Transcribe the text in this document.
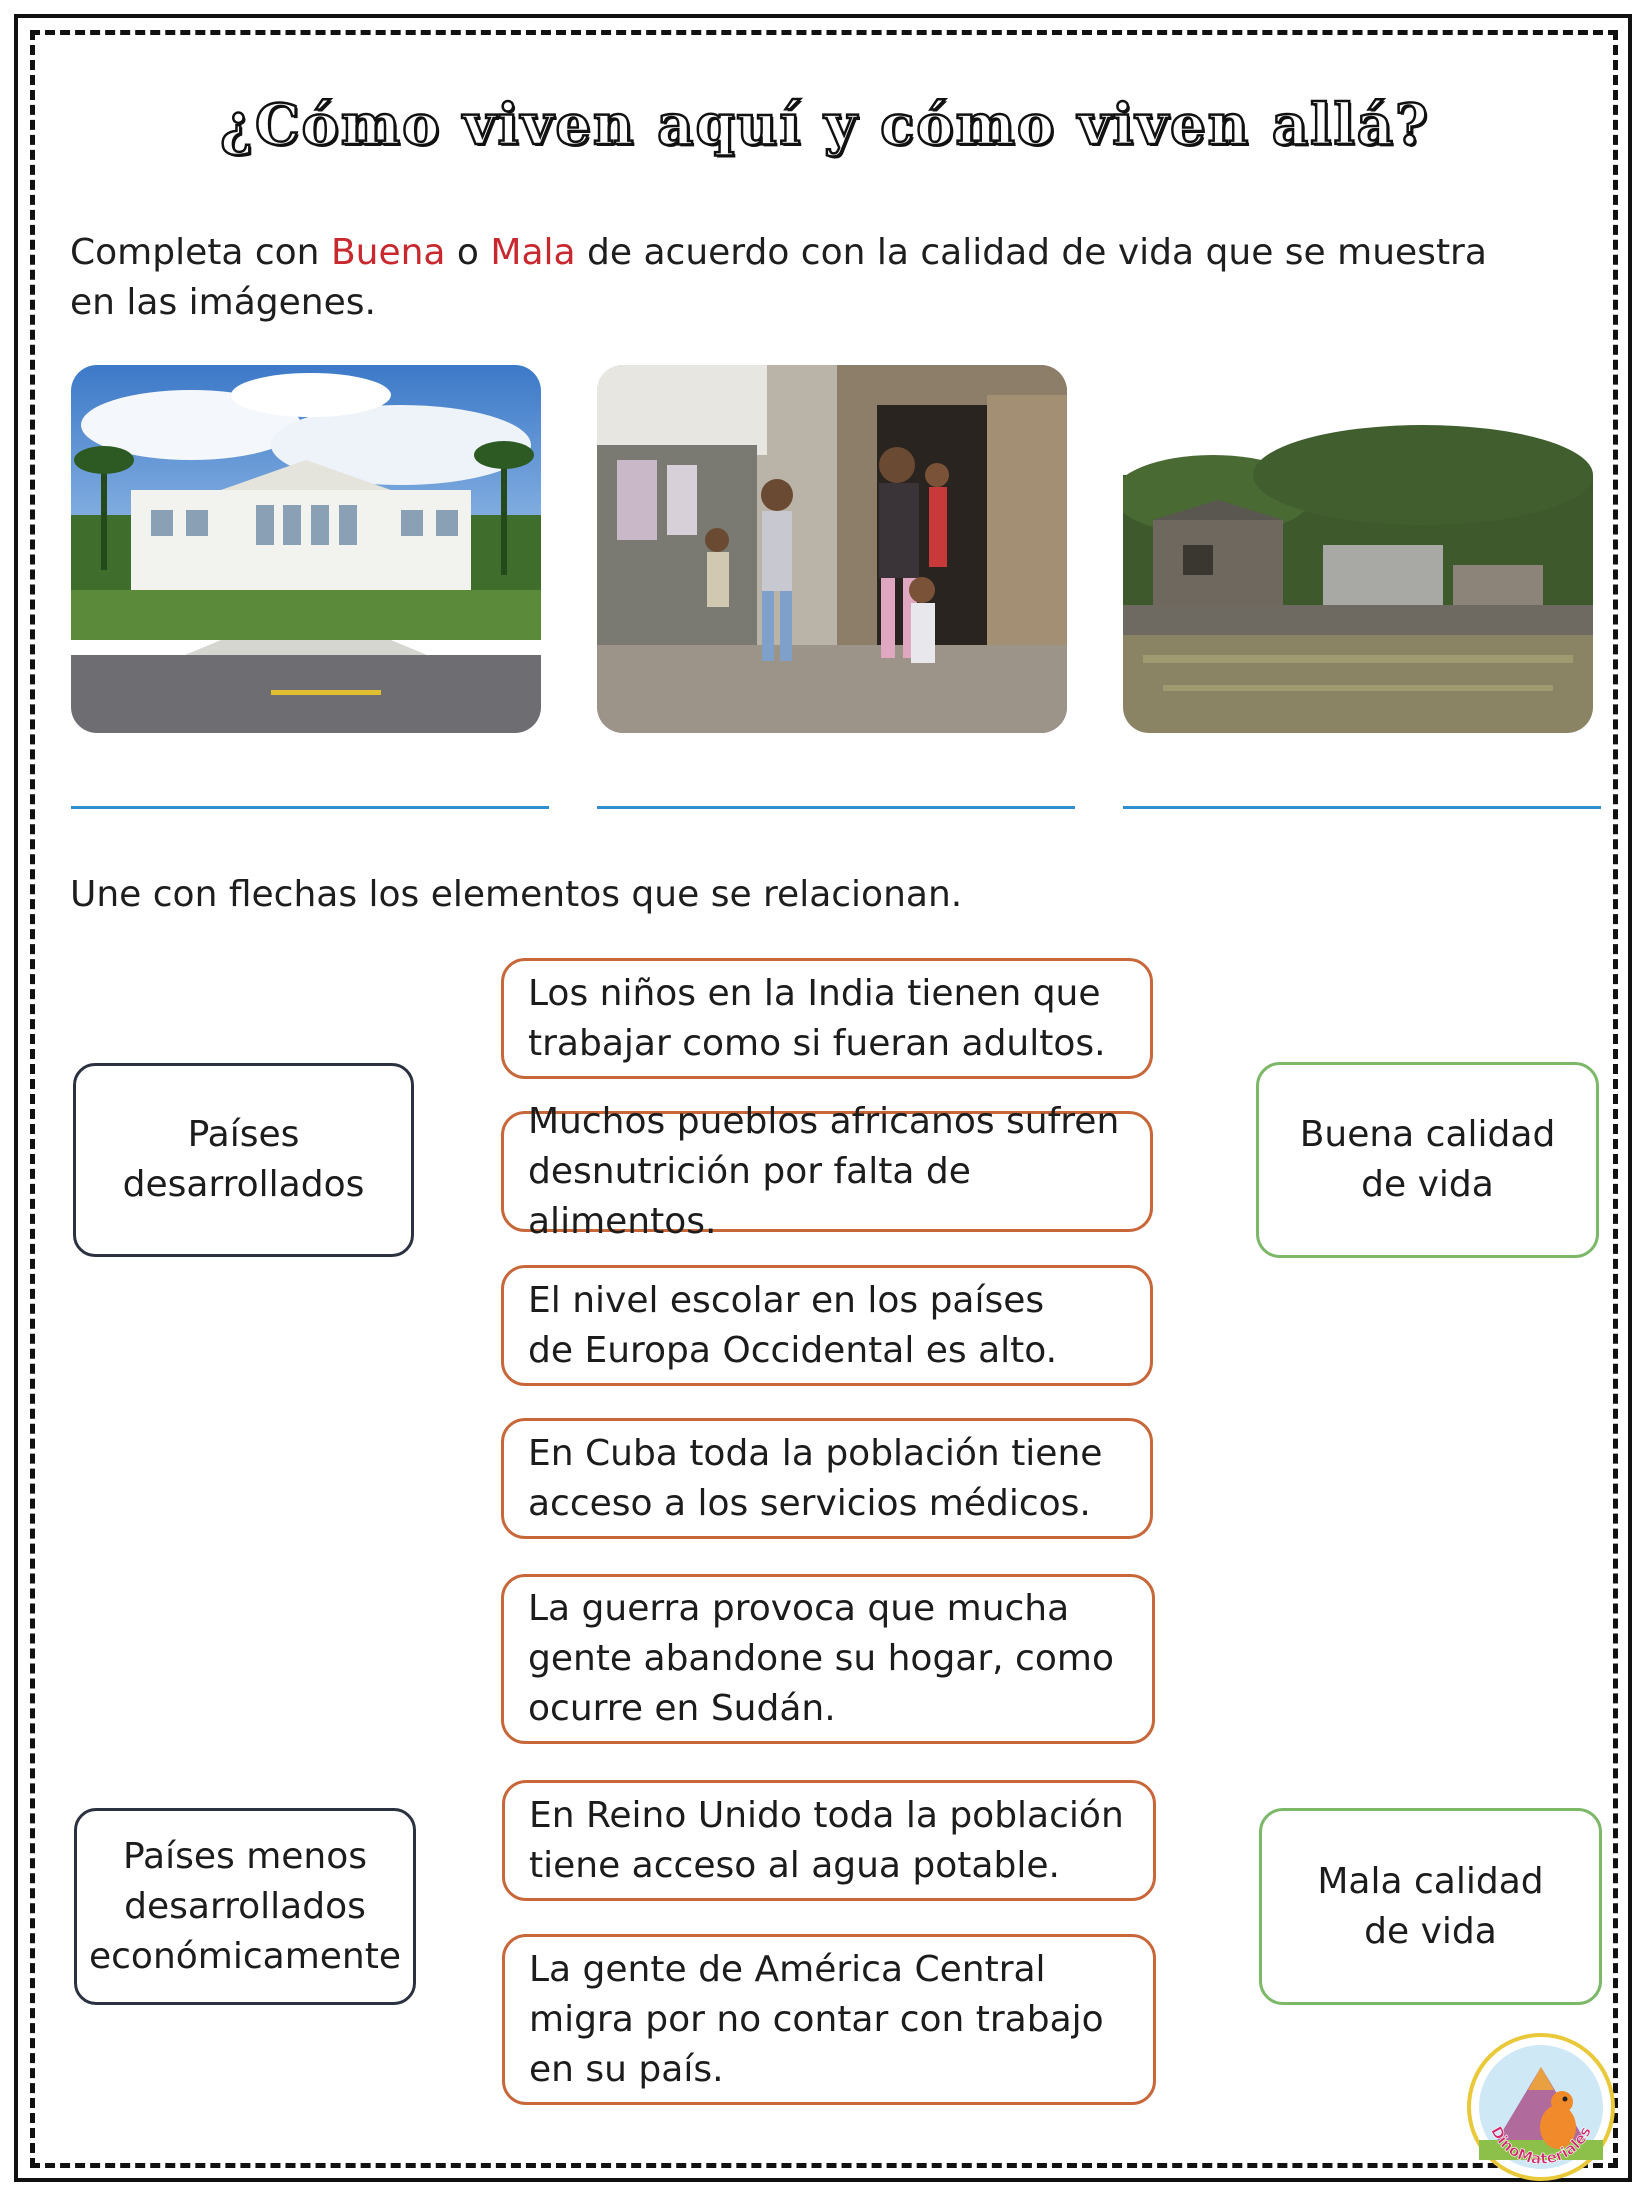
¿Cómo viven aquí y cómo viven allá?
Completa con Buena o Mala de acuerdo con la calidad de vida que se muestra
en las imágenes.
Une con flechas los elementos que se relacionan.
Países
desarrollados
Países menos
desarrollados
económicamente
Buena calidad
de vida
Mala calidad
de vida
Los niños en la India tienen que
trabajar como si fueran adultos.
Muchos pueblos africanos sufren
desnutrición por falta de alimentos.
El nivel escolar en los países
de Europa Occidental es alto.
En Cuba toda la población tiene
acceso a los servicios médicos.
La guerra provoca que mucha
gente abandone su hogar, como
ocurre en Sudán.
En Reino Unido toda la población
tiene acceso al agua potable.
La gente de América Central
migra por no contar con trabajo
en su país.
DinoMateriales
